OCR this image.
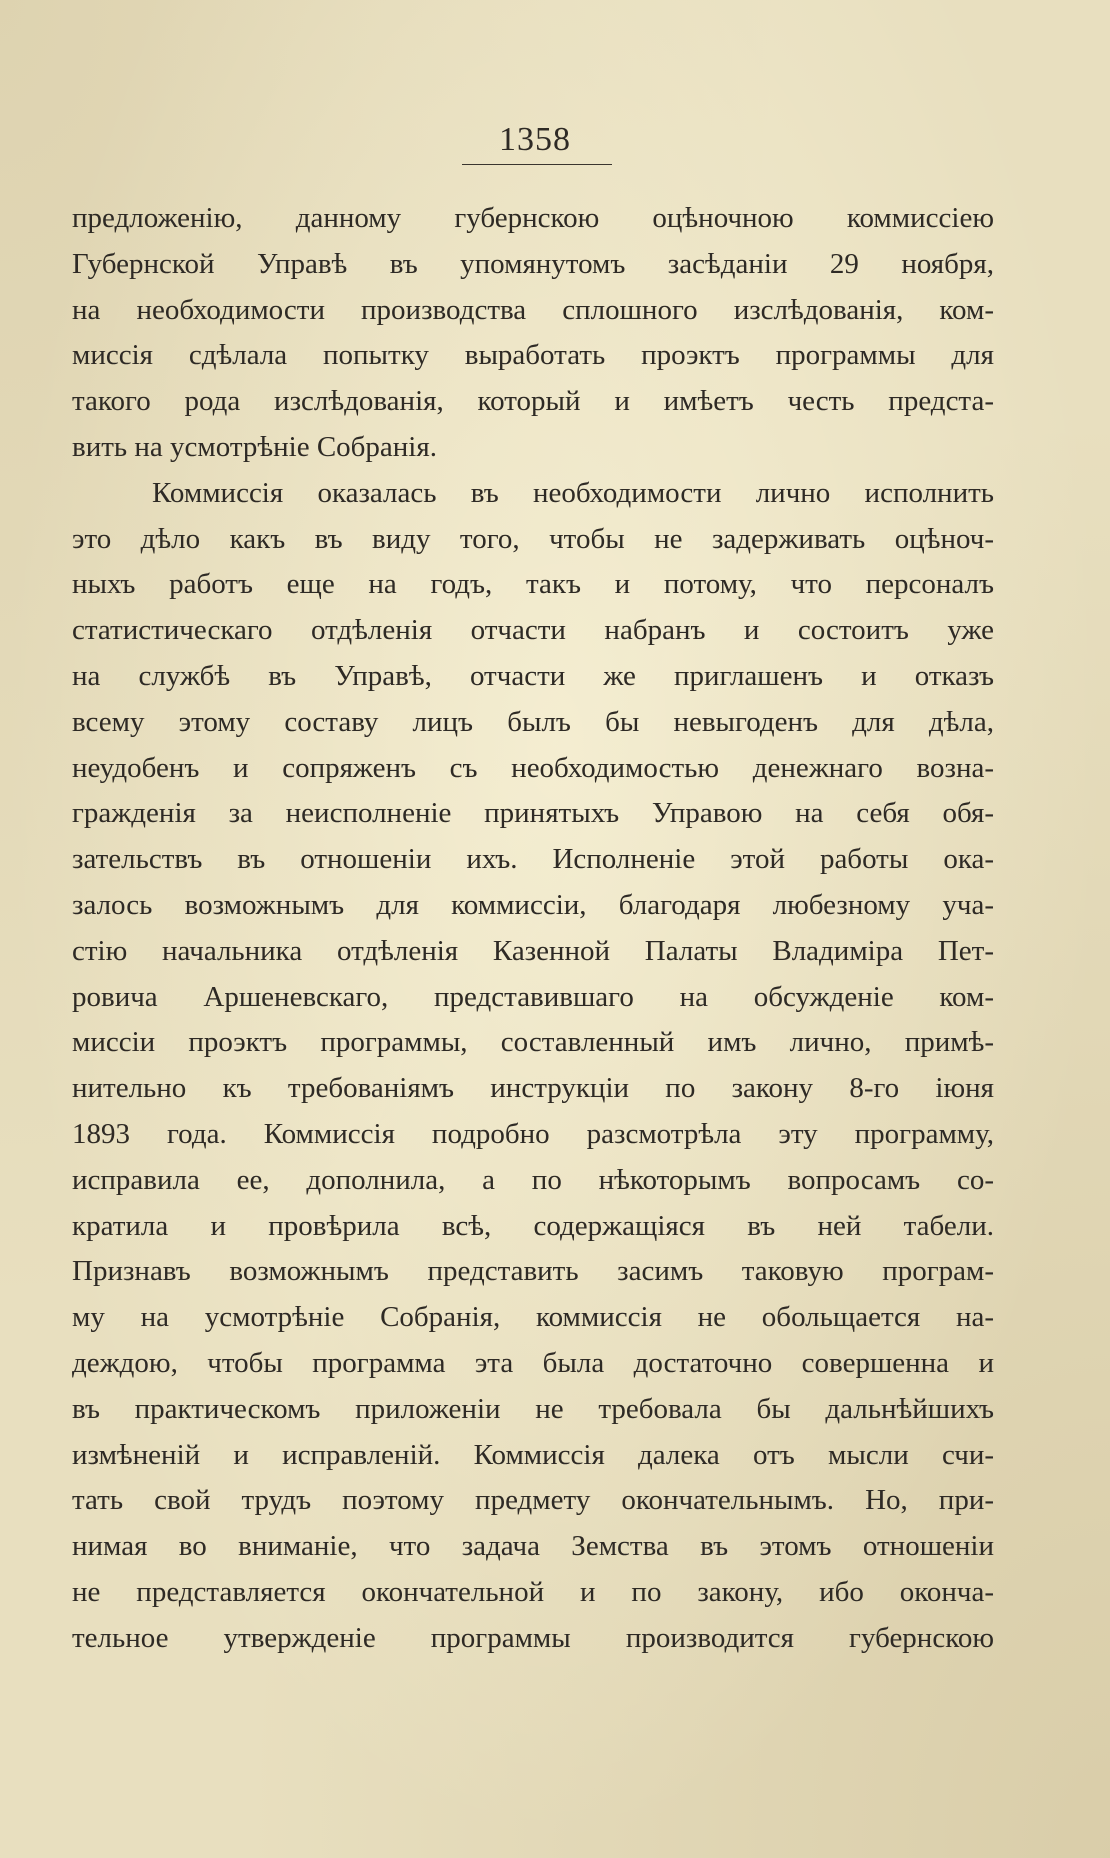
1358
предложенію, данному губернскою оцѣночною коммиссіею
Губернской Управѣ въ упомянутомъ засѣданіи 29 ноября,
на необходимости производства сплошного изслѣдованія, ком-
миссія сдѣлала попытку выработать проэктъ программы для
такого рода изслѣдованія, который и имѣетъ честь предста-
вить на усмотрѣніе Собранія.
Коммиссія оказалась въ необходимости лично исполнить
это дѣло какъ въ виду того, чтобы не задерживать оцѣноч-
ныхъ работъ еще на годъ, такъ и потому, что персоналъ
статистическаго отдѣленія отчасти набранъ и состоитъ уже
на службѣ въ Управѣ, отчасти же приглашенъ и отказъ
всему этому составу лицъ былъ бы невыгоденъ для дѣла,
неудобенъ и сопряженъ съ необходимостью денежнаго возна-
гражденія за неисполненіе принятыхъ Управою на себя обя-
зательствъ въ отношеніи ихъ. Исполненіе этой работы ока-
залось возможнымъ для коммиссіи, благодаря любезному уча-
стію начальника отдѣленія Казенной Палаты Владиміра Пет-
ровича Аршеневскаго, представившаго на обсужденіе ком-
миссіи проэктъ программы, составленный имъ лично, примѣ-
нительно къ требованіямъ инструкціи по закону 8-го іюня
1893 года. Коммиссія подробно разсмотрѣла эту программу,
исправила ее, дополнила, а по нѣкоторымъ вопросамъ со-
кратила и провѣрила всѣ, содержащіяся въ ней табели.
Признавъ возможнымъ представить засимъ таковую програм-
му на усмотрѣніе Собранія, коммиссія не обольщается на-
деждою, чтобы программа эта была достаточно совершенна и
въ практическомъ приложеніи не требовала бы дальнѣйшихъ
измѣненій и исправленій. Коммиссія далека отъ мысли счи-
тать свой трудъ поэтому предмету окончательнымъ. Но, при-
нимая во вниманіе, что задача Земства въ этомъ отношеніи
не представляется окончательной и по закону, ибо оконча-
тельное утвержденіе программы производится губернскою
